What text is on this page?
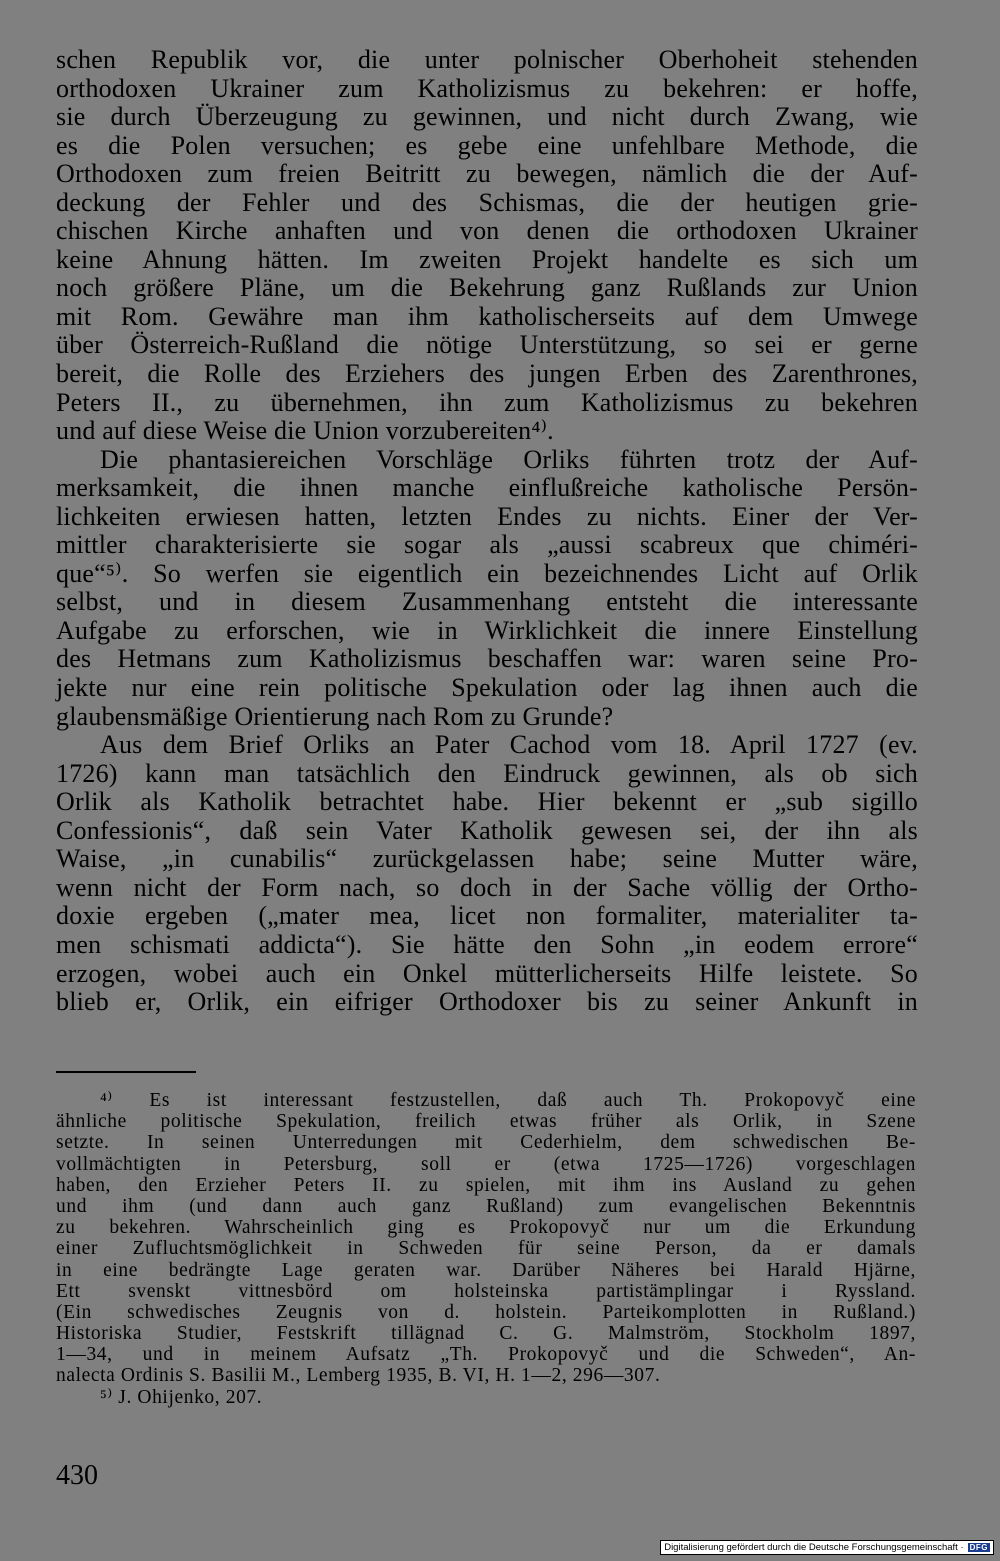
schen Republik vor, die unter polnischer Oberhoheit stehenden
orthodoxen Ukrainer zum Katholizismus zu bekehren: er hoffe,
sie durch Überzeugung zu gewinnen, und nicht durch Zwang, wie
es die Polen versuchen; es gebe eine unfehlbare Methode, die
Orthodoxen zum freien Beitritt zu bewegen, nämlich die der Auf-
deckung der Fehler und des Schismas, die der heutigen grie-
chischen Kirche anhaften und von denen die orthodoxen Ukrainer
keine Ahnung hätten. Im zweiten Projekt handelte es sich um
noch größere Pläne, um die Bekehrung ganz Rußlands zur Union
mit Rom. Gewähre man ihm katholischerseits auf dem Umwege
über Österreich-Rußland die nötige Unterstützung, so sei er gerne
bereit, die Rolle des Erziehers des jungen Erben des Zarenthrones,
Peters II., zu übernehmen, ihn zum Katholizismus zu bekehren
und auf diese Weise die Union vorzubereiten⁴⁾.
Die phantasiereichen Vorschläge Orliks führten trotz der Auf-
merksamkeit, die ihnen manche einflußreiche katholische Persön-
lichkeiten erwiesen hatten, letzten Endes zu nichts. Einer der Ver-
mittler charakterisierte sie sogar als „aussi scabreux que chiméri-
que“⁵⁾. So werfen sie eigentlich ein bezeichnendes Licht auf Orlik
selbst, und in diesem Zusammenhang entsteht die interessante
Aufgabe zu erforschen, wie in Wirklichkeit die innere Einstellung
des Hetmans zum Katholizismus beschaffen war: waren seine Pro-
jekte nur eine rein politische Spekulation oder lag ihnen auch die
glaubensmäßige Orientierung nach Rom zu Grunde?
Aus dem Brief Orliks an Pater Cachod vom 18. April 1727 (ev.
1726) kann man tatsächlich den Eindruck gewinnen, als ob sich
Orlik als Katholik betrachtet habe. Hier bekennt er „sub sigillo
Confessionis“, daß sein Vater Katholik gewesen sei, der ihn als
Waise, „in cunabilis“ zurückgelassen habe; seine Mutter wäre,
wenn nicht der Form nach, so doch in der Sache völlig der Ortho-
doxie ergeben („mater mea, licet non formaliter, materialiter ta-
men schismati addicta“). Sie hätte den Sohn „in eodem errore“
erzogen, wobei auch ein Onkel mütterlicherseits Hilfe leistete. So
blieb er, Orlik, ein eifriger Orthodoxer bis zu seiner Ankunft in
⁴⁾ Es ist interessant festzustellen, daß auch Th. Prokopovyč eine
ähnliche politische Spekulation, freilich etwas früher als Orlik, in Szene
setzte. In seinen Unterredungen mit Cederhielm, dem schwedischen Be-
vollmächtigten in Petersburg, soll er (etwa 1725—1726) vorgeschlagen
haben, den Erzieher Peters II. zu spielen, mit ihm ins Ausland zu gehen
und ihm (und dann auch ganz Rußland) zum evangelischen Bekenntnis
zu bekehren. Wahrscheinlich ging es Prokopovyč nur um die Erkundung
einer Zufluchtsmöglichkeit in Schweden für seine Person, da er damals
in eine bedrängte Lage geraten war. Darüber Näheres bei Harald Hjärne,
Ett svenskt vittnesbörd om holsteinska partistämplingar i Ryssland.
(Ein schwedisches Zeugnis von d. holstein. Parteikomplotten in Rußland.)
Historiska Studier, Festskrift tillägnad C. G. Malmström, Stockholm 1897,
1—34, und in meinem Aufsatz „Th. Prokopovyč und die Schweden“, An-
nalecta Ordinis S. Basilii M., Lemberg 1935, B. VI, H. 1—2, 296—307.
⁵⁾ J. Ohijenko, 207.
430
Digitalisierung gefördert durch die Deutsche Forschungsgemeinschaft · DFG
